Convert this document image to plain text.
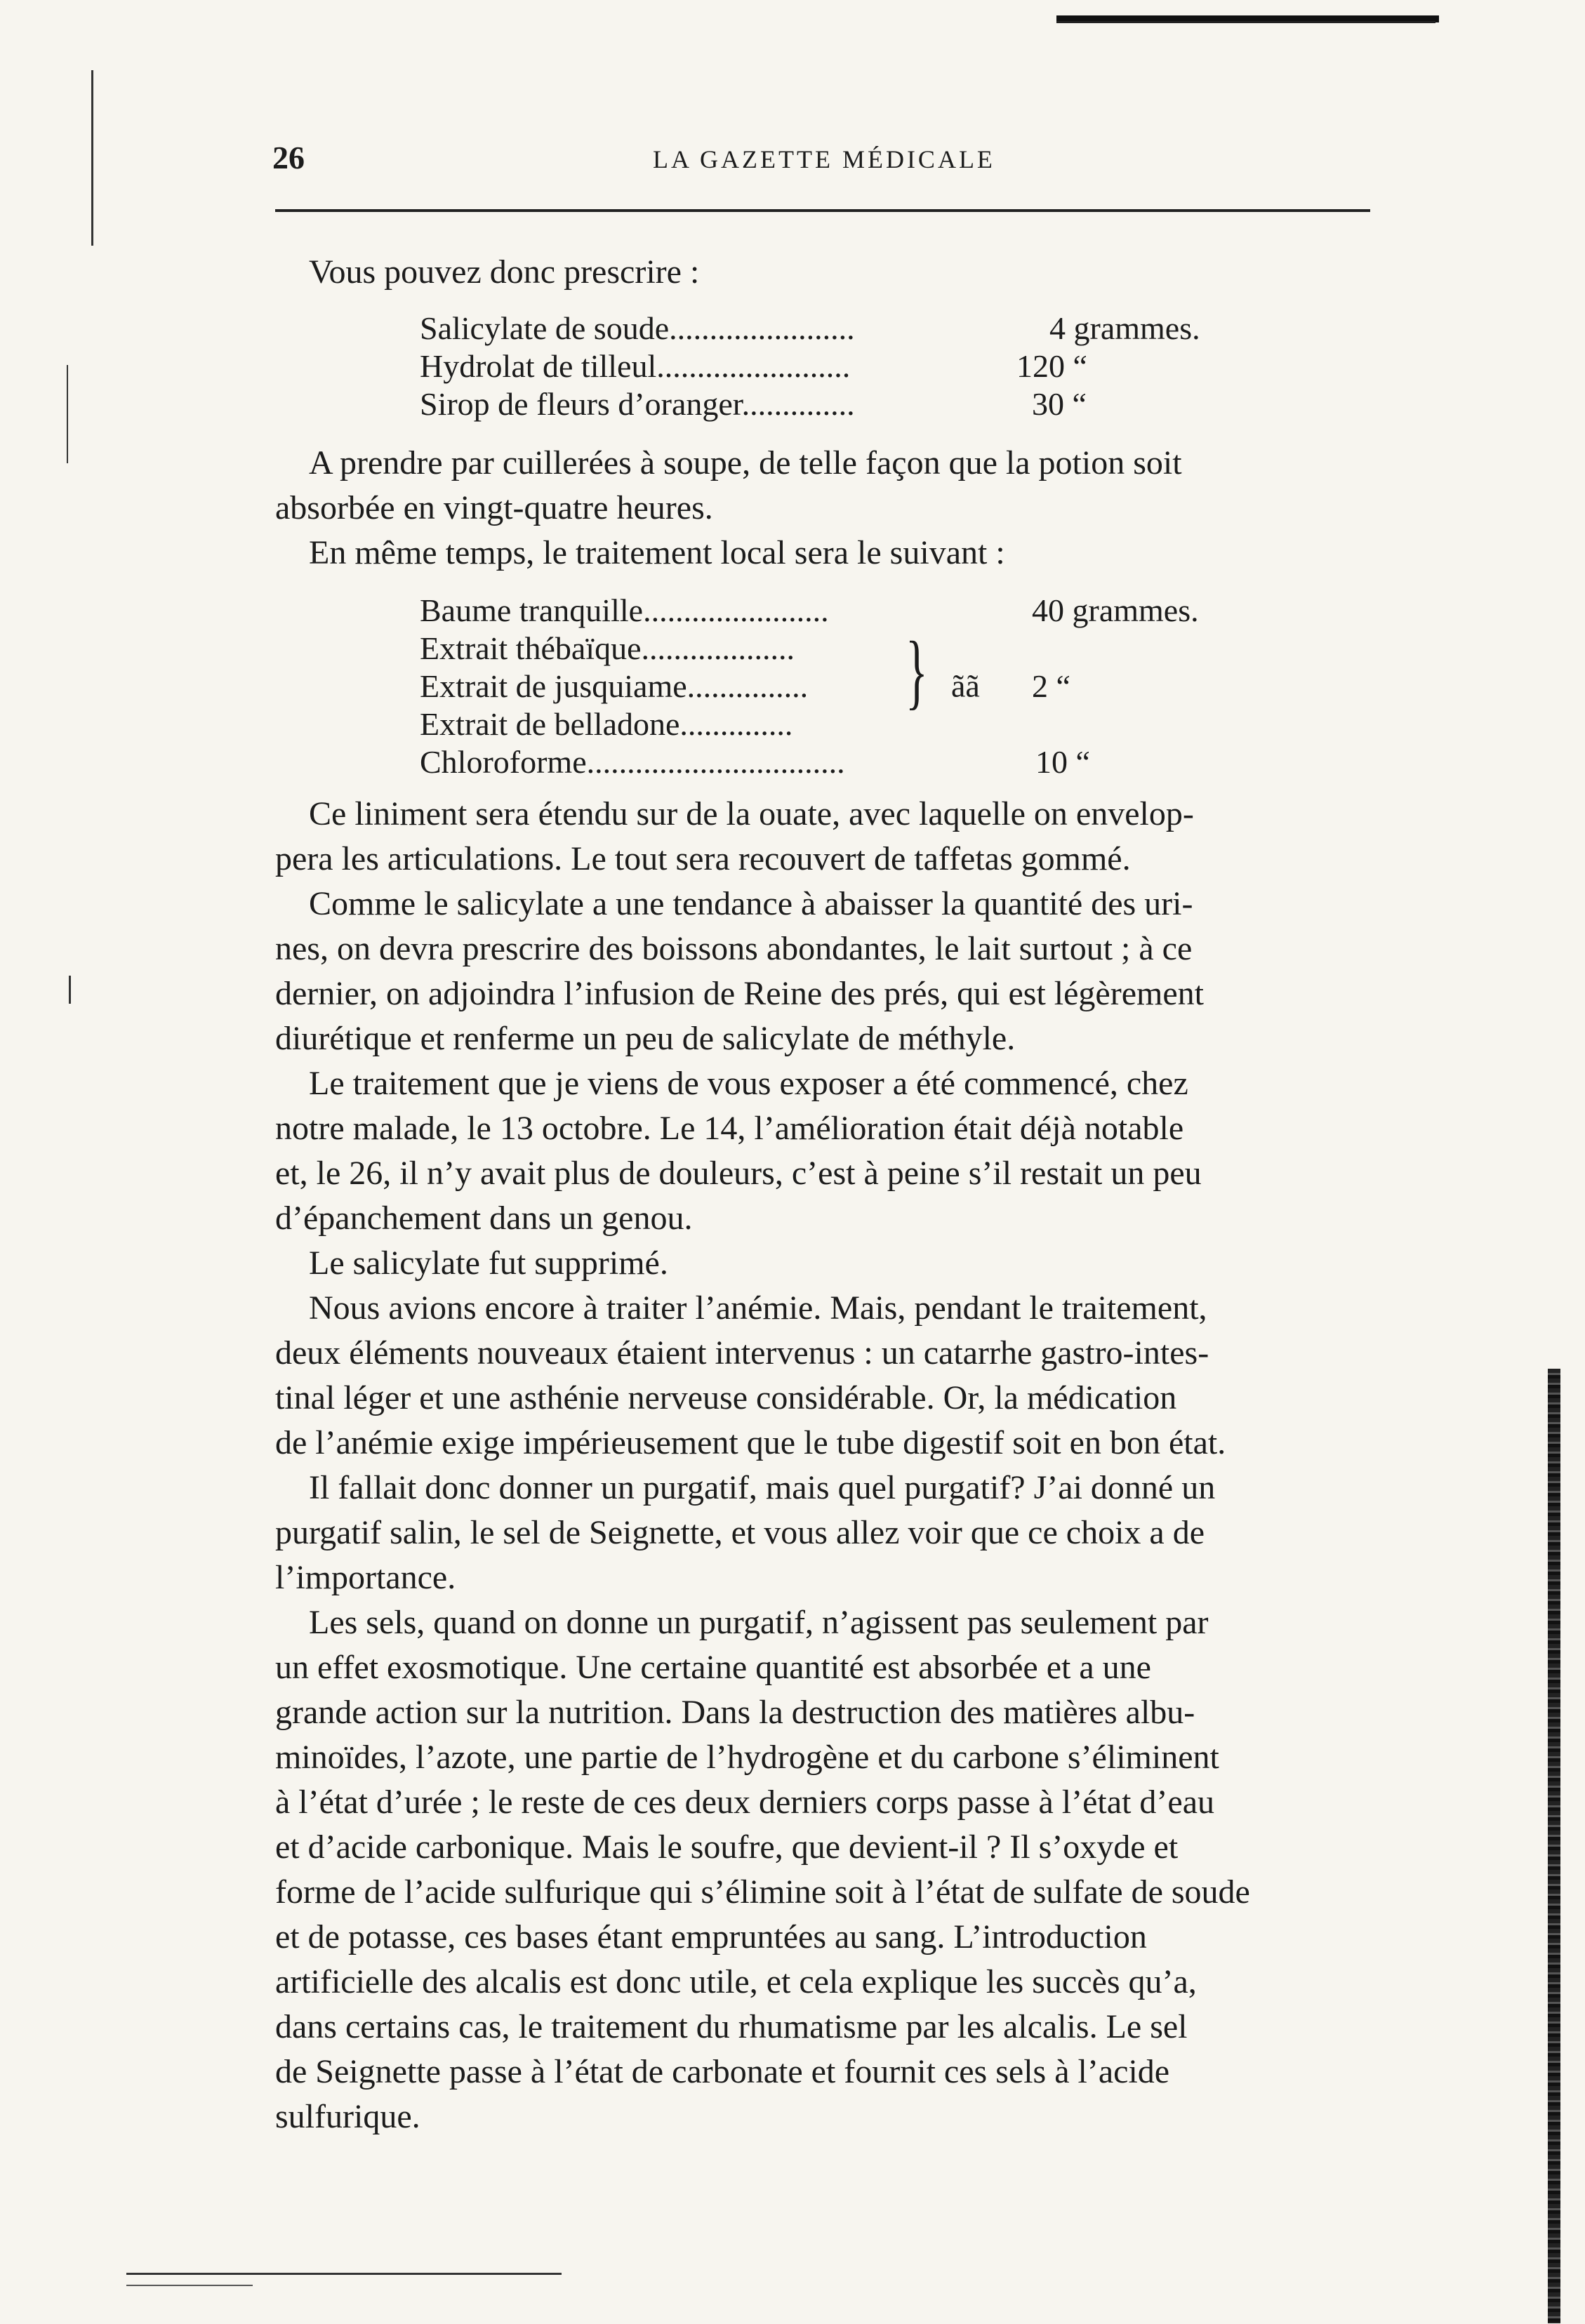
26	LA GAZETTE MÉDICALE
Vous pouvez donc prescrire :
Salicylate de soude.......................	4 grammes.
Hydrolat de tilleul........................	120 “
Sirop de fleurs d’oranger..............	30 “
A prendre par cuillerées à soupe, de telle façon que la potion soit
absorbée en vingt-quatre heures.
En même temps, le traitement local sera le suivant :
Baume tranquille.......................	40 grammes.
Extrait thébaïque...................
Extrait de jusquiame...............	ãã 2 “
Extrait de belladone..............
Chloroforme................................	10 “
}
Ce liniment sera étendu sur de la ouate, avec laquelle on envelop-
pera les articulations. Le tout sera recouvert de taffetas gommé.
Comme le salicylate a une tendance à abaisser la quantité des uri-
nes, on devra prescrire des boissons abondantes, le lait surtout ; à ce
dernier, on adjoindra l’infusion de Reine des prés, qui est légèrement
diurétique et renferme un peu de salicylate de méthyle.
Le traitement que je viens de vous exposer a été commencé, chez
notre malade, le 13 octobre. Le 14, l’amélioration était déjà notable
et, le 26, il n’y avait plus de douleurs, c’est à peine s’il restait un peu
d’épanchement dans un genou.
Le salicylate fut supprimé.
Nous avions encore à traiter l’anémie. Mais, pendant le traitement,
deux éléments nouveaux étaient intervenus : un catarrhe gastro-intes-
tinal léger et une asthénie nerveuse considérable. Or, la médication
de l’anémie exige impérieusement que le tube digestif soit en bon état.
Il fallait donc donner un purgatif, mais quel purgatif? J’ai donné un
purgatif salin, le sel de Seignette, et vous allez voir que ce choix a de
l’importance.
Les sels, quand on donne un purgatif, n’agissent pas seulement par
un effet exosmotique. Une certaine quantité est absorbée et a une
grande action sur la nutrition. Dans la destruction des matières albu-
minoïdes, l’azote, une partie de l’hydrogène et du carbone s’éliminent
à l’état d’urée ; le reste de ces deux derniers corps passe à l’état d’eau
et d’acide carbonique. Mais le soufre, que devient-il ? Il s’oxyde et
forme de l’acide sulfurique qui s’élimine soit à l’état de sulfate de soude
et de potasse, ces bases étant empruntées au sang. L’introduction
artificielle des alcalis est donc utile, et cela explique les succès qu’a,
dans certains cas, le traitement du rhumatisme par les alcalis. Le sel
de Seignette passe à l’état de carbonate et fournit ces sels à l’acide
sulfurique.
